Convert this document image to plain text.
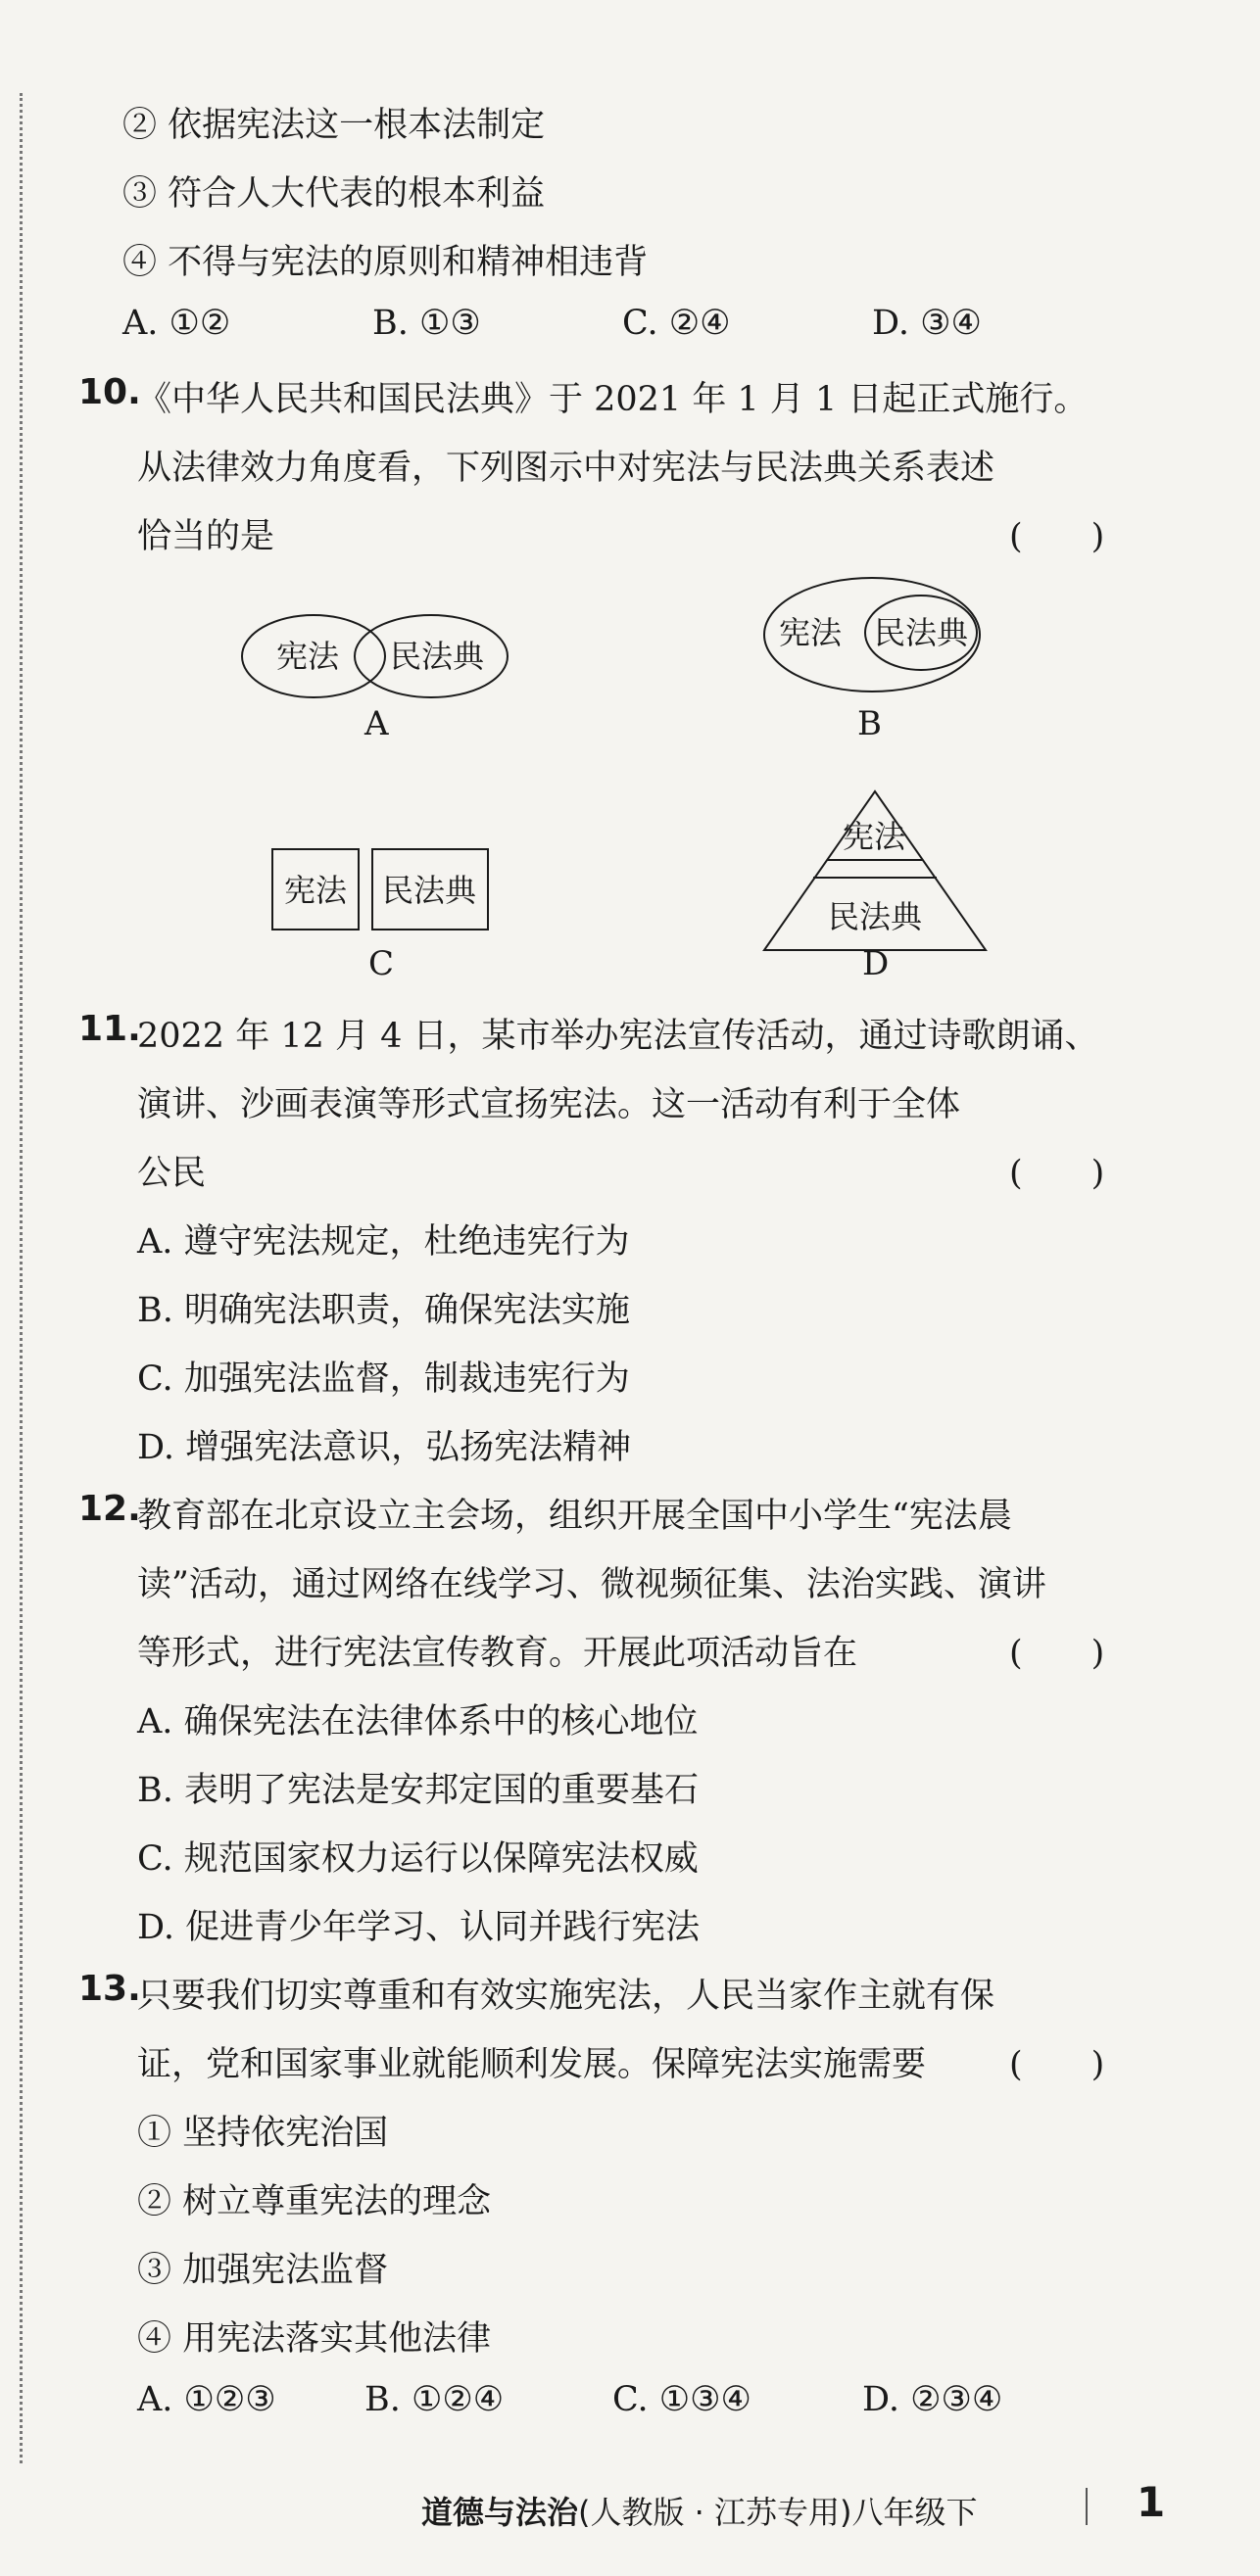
② 依据宪法这一根本法制定
③ 符合人大代表的根本利益
④ 不得与宪法的原则和精神相违背
A. ①②	B. ①③	C. ②④	D. ③④
10.
《中华人民共和国民法典》于 2021 年 1 月 1 日起正式施行。
从法律效力角度看，下列图示中对宪法与民法典关系表述
恰当的是	(　　)
宪法 民法典
A
宪法 民法典
B
宪法 民法典
C
宪法
民法典
D
11.
2022 年 12 月 4 日，某市举办宪法宣传活动，通过诗歌朗诵、
演讲、沙画表演等形式宣扬宪法。这一活动有利于全体
公民	(　　)
A. 遵守宪法规定，杜绝违宪行为
B. 明确宪法职责，确保宪法实施
C. 加强宪法监督，制裁违宪行为
D. 增强宪法意识，弘扬宪法精神
12.
教育部在北京设立主会场，组织开展全国中小学生“宪法晨
读”活动，通过网络在线学习、微视频征集、法治实践、演讲
等形式，进行宪法宣传教育。开展此项活动旨在	(　　)
A. 确保宪法在法律体系中的核心地位
B. 表明了宪法是安邦定国的重要基石
C. 规范国家权力运行以保障宪法权威
D. 促进青少年学习、认同并践行宪法
13.
只要我们切实尊重和有效实施宪法，人民当家作主就有保
证，党和国家事业就能顺利发展。保障宪法实施需要 (　　)
① 坚持依宪治国
② 树立尊重宪法的理念
③ 加强宪法监督
④ 用宪法落实其他法律
A. ①②③	B. ①②④	C. ①③④	D. ②③④
道德与法治(人教版 · 江苏专用)八年级下	1
